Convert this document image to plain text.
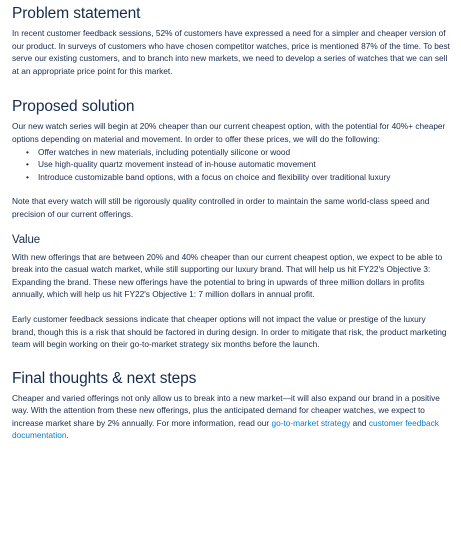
Problem statement

In recent customer feedback sessions, 52% of customers have expressed a need for a simpler and cheaper version of our product. In surveys of customers who have chosen competitor watches, price is mentioned 87% of the time. To best serve our existing customers, and to branch into new markets, we need to develop a series of watches that we can sell at an appropriate price point for this market.

Proposed solution

Our new watch series will begin at 20% cheaper than our current cheapest option, with the potential for 40%+ cheaper options depending on material and movement. In order to offer these prices, we will do the following:

• Offer watches in new materials, including potentially silicone or wood
• Use high-quality quartz movement instead of in-house automatic movement
• Introduce customizable band options, with a focus on choice and flexibility over traditional luxury

Note that every watch will still be rigorously quality controlled in order to maintain the same world-class speed and precision of our current offerings.

Value

With new offerings that are between 20% and 40% cheaper than our current cheapest option, we expect to be able to break into the casual watch market, while still supporting our luxury brand. That will help us hit FY22's Objective 3: Expanding the brand. These new offerings have the potential to bring in upwards of three million dollars in profits annually, which will help us hit FY22's Objective 1: 7 million dollars in annual profit.

Early customer feedback sessions indicate that cheaper options will not impact the value or prestige of the luxury brand, though this is a risk that should be factored in during design. In order to mitigate that risk, the product marketing team will begin working on their go-to-market strategy six months before the launch.

Final thoughts & next steps

Cheaper and varied offerings not only allow us to break into a new market—it will also expand our brand in a positive way. With the attention from these new offerings, plus the anticipated demand for cheaper watches, we expect to increase market share by 2% annually. For more information, read our go-to-market strategy and customer feedback documentation.
